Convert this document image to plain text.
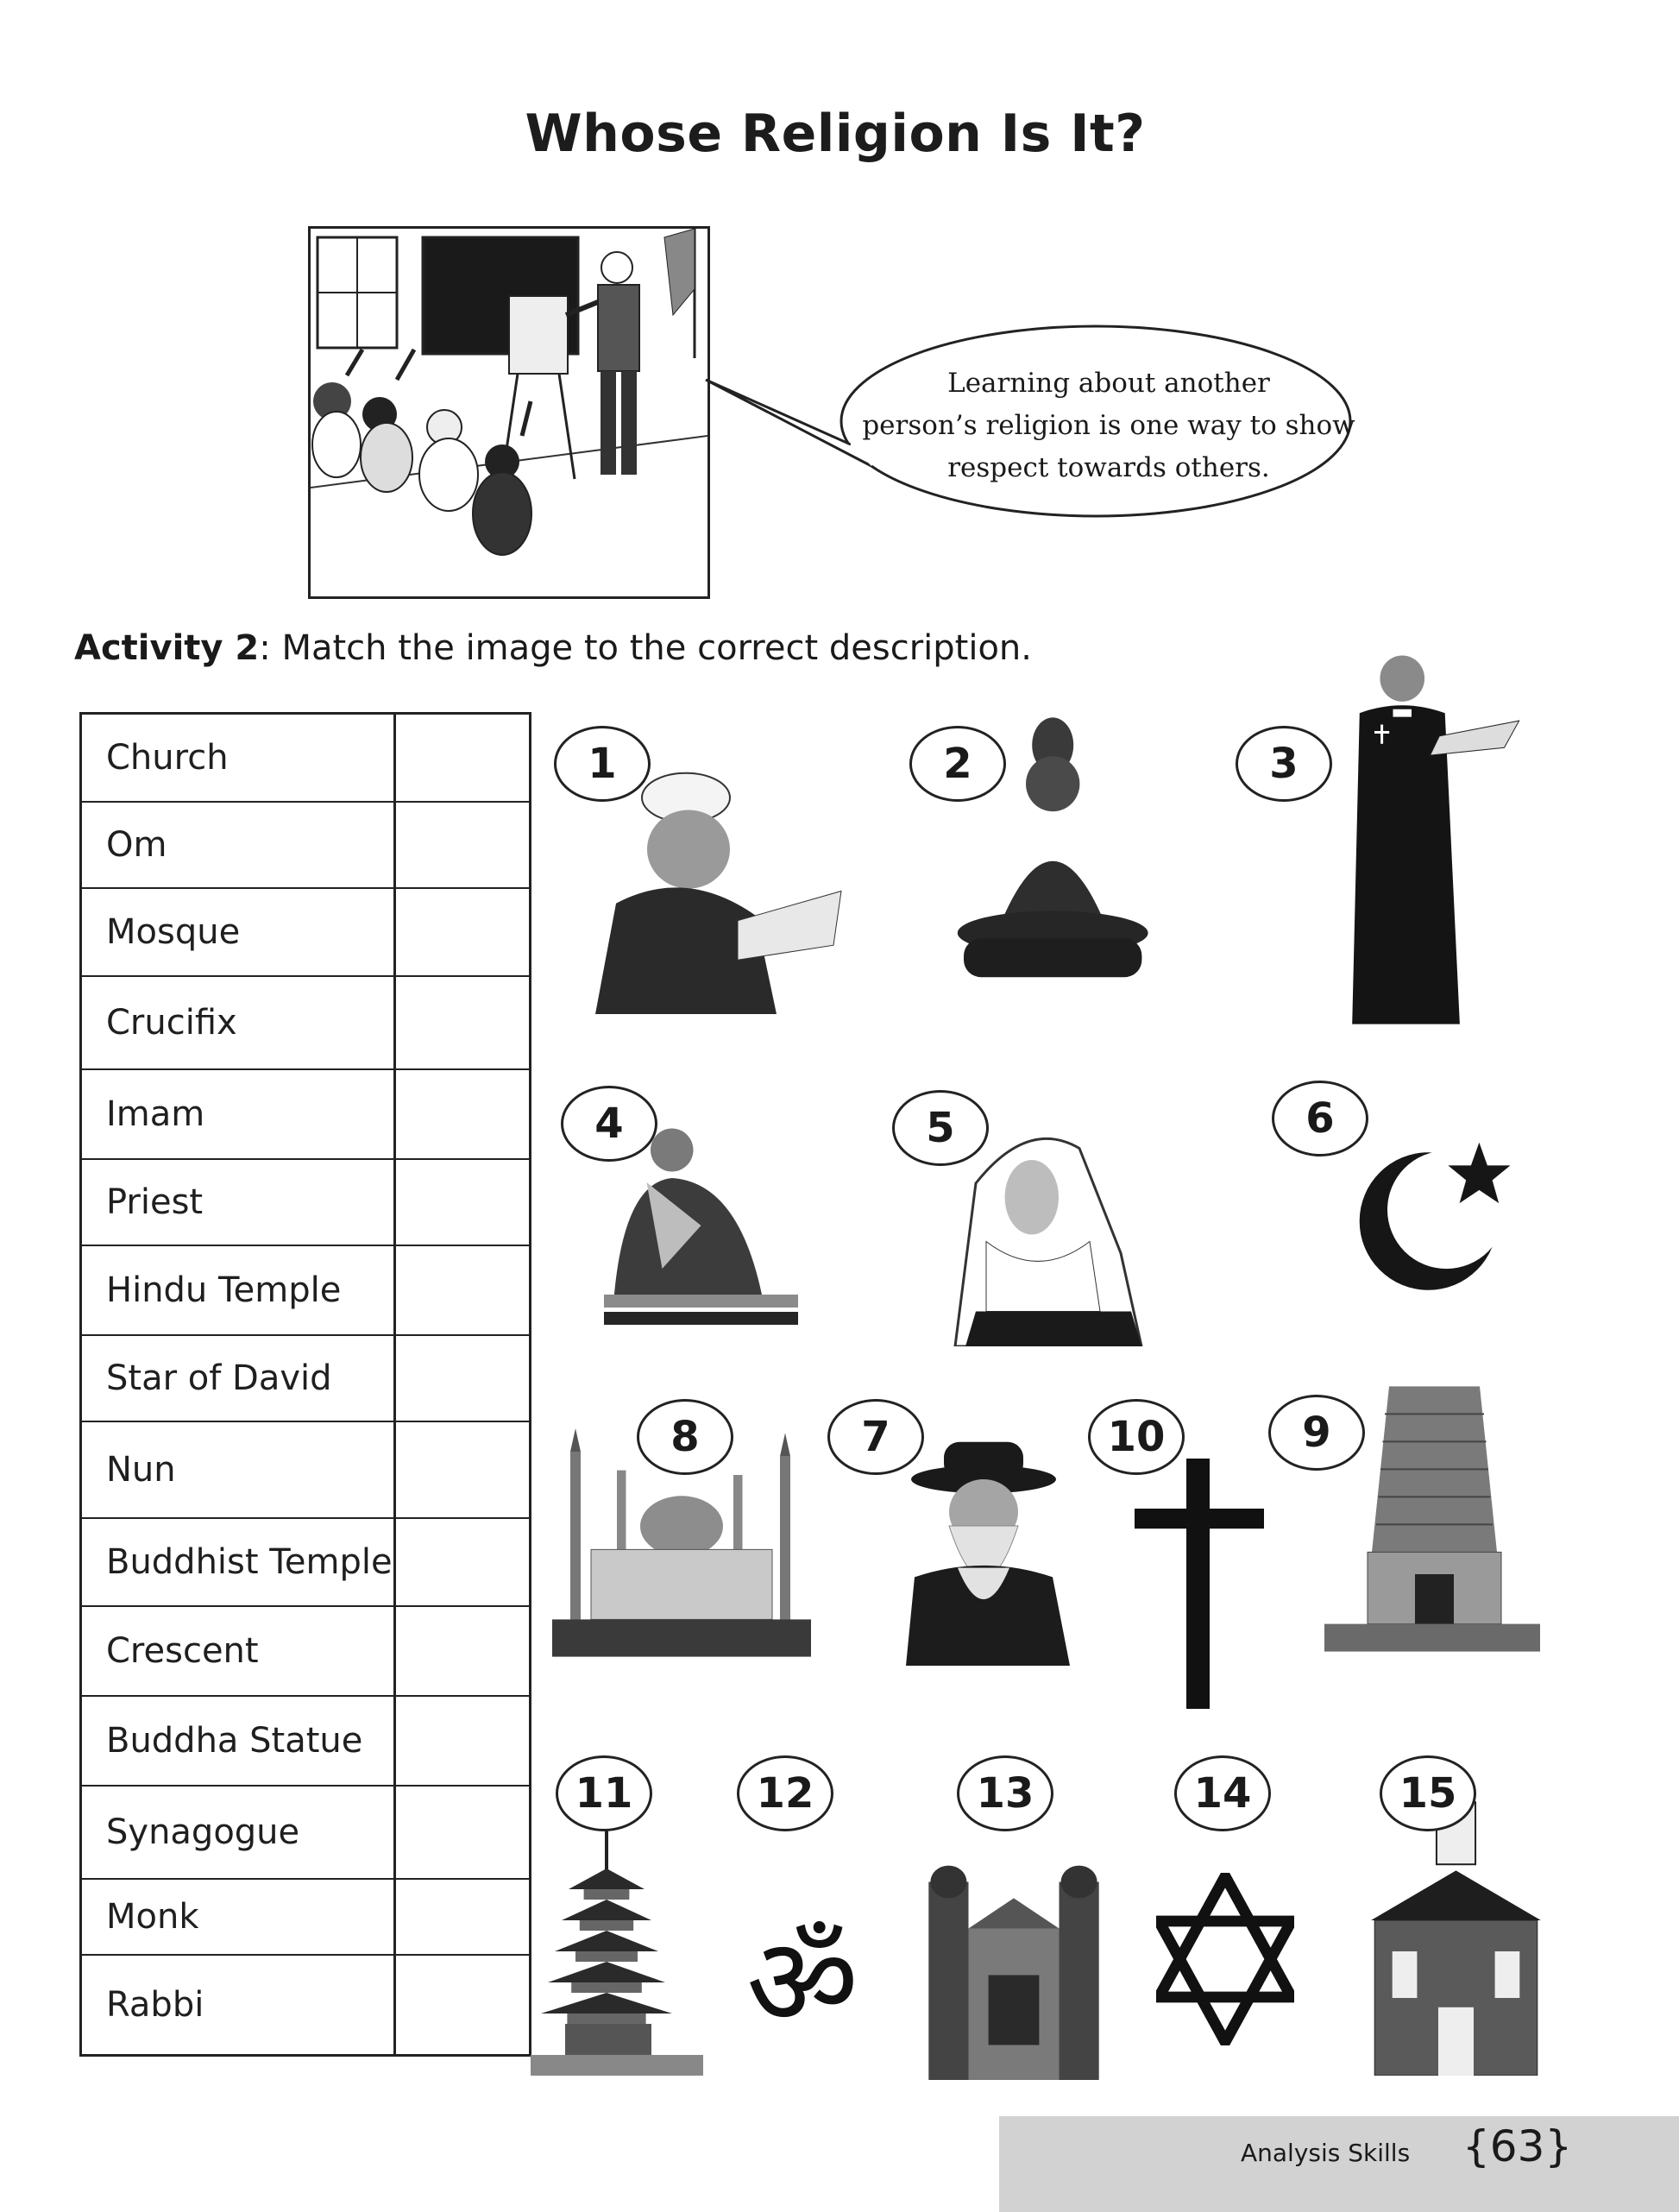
Whose Religion Is It?
Learning about another
person’s religion is one way to show
respect towards others.
Activity 2: Match the image to the correct description.
Church
Om
Mosque
Crucifix
Imam
Priest
Hindu Temple
Star of David
Nun
Buddhist Temple
Crescent
Buddha Statue
Synagogue
Monk
Rabbi
1	2	3
4	5	6
8	7	10	9
11
ॐ
12	13	14	15
Analysis Skills {63}
